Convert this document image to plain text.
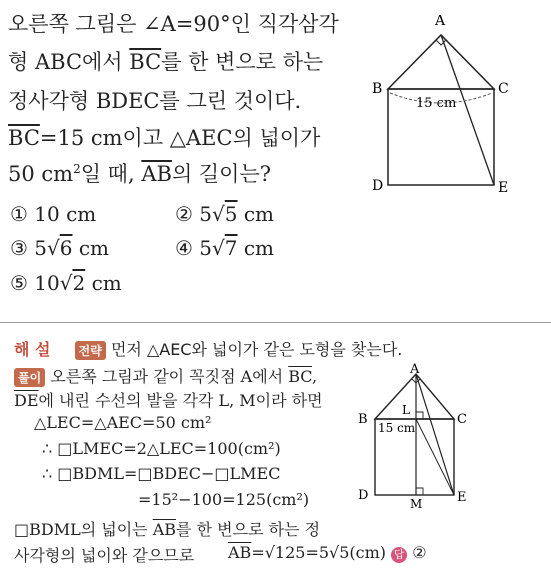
오른쪽 그림은 ∠A=90°인 직각삼각
형 ABC에서 $\overline{BC}$를 한 변으로 하는
정사각형 BDEC를 그린 것이다.
$\overline{BC}=15$ cm이고 △AEC의 넓이가
50 $cm^2$일 때, $\overline{AB}$의 길이는?
A
B	C
D	E
15 cm
① 10 cm	② 5√5 cm
③ 5√6 cm	④ 5√7 cm
⑤ 10√2 cm
해 설 전략 먼저 △AEC와 넓이가 같은 도형을 찾는다.
풀이 오른쪽 그림과 같이 꼭짓점 A에서 $\overline{BC}$,
$\overline{DE}$에 내린 수선의 발을 각각 L, M이라 하면
△LEC=△AEC=50 cm²
∴ □LMEC=2△LEC=100(cm²)
∴ □BDML=□BDEC−□LMEC
=15²−100=125(cm²)
□BDML의 넓이는 $\overline{AB}$를 한 변으로 하는 정
사각형의 넓이와 같으므로 $\overline{AB}=√125=5√5(cm)$ 답 ②
A
B	C
D	E
L
M
15 cm
